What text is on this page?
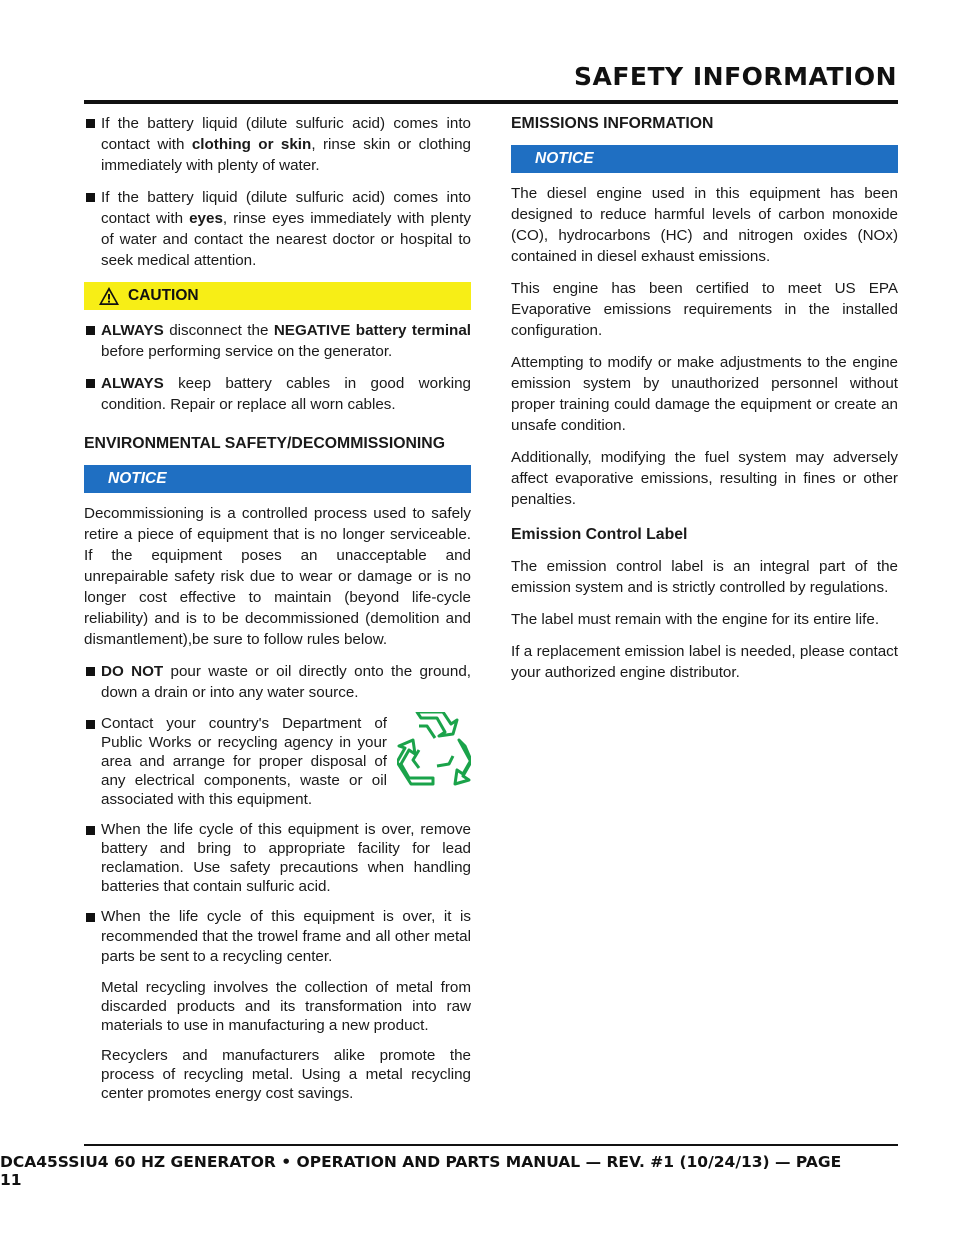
SAFETY INFORMATION
If the battery liquid (dilute sulfuric acid) comes into contact with clothing or skin, rinse skin or clothing immediately with plenty of water.
If the battery liquid (dilute sulfuric acid) comes into contact with eyes, rinse eyes immediately with plenty of water and contact the nearest doctor or hospital to seek medical attention.
CAUTION
ALWAYS disconnect the NEGATIVE battery terminal before performing service on the generator.
ALWAYS keep battery cables in good working condition. Repair or replace all worn cables.
ENVIRONMENTAL SAFETY/DECOMMISSIONING
NOTICE

Decommissioning is a controlled process used to safely retire a piece of equipment that is no longer serviceable. If the equipment poses an unacceptable and unrepairable safety risk due to wear or damage or is no longer cost effective to maintain (beyond life-cycle reliability) and is to be decommissioned (demolition and dismantlement),be sure to follow rules below.

DO NOT pour waste or oil directly onto the ground, down a drain or into any water source.
Contact your country's Department of Public Works or recycling agency in your area and arrange for proper disposal of any electrical components, waste or oil associated with this equipment.
When the life cycle of this equipment is over, remove battery and bring to appropriate facility for lead reclamation. Use safety precautions when handling batteries that contain sulfuric acid.
When the life cycle of this equipment is over, it is recommended that the trowel frame and all other metal parts be sent to a recycling center.

Metal recycling involves the collection of metal from discarded products and its transformation into raw materials to use in manufacturing a new product.

Recyclers and manufacturers alike promote the process of recycling metal. Using a metal recycling center promotes energy cost savings.

EMISSIONS INFORMATION
NOTICE

The diesel engine used in this equipment has been designed to reduce harmful levels of carbon monoxide (CO), hydrocarbons (HC) and nitrogen oxides (NOx) contained in diesel exhaust emissions.

This engine has been certified to meet US EPA Evaporative emissions requirements in the installed configuration.

Attempting to modify or make adjustments to the engine emission system by unauthorized personnel without proper training could damage the equipment or create an unsafe condition.

Additionally, modifying the fuel system may adversely affect evaporative emissions, resulting in fines or other penalties.

Emission Control Label

The emission control label is an integral part of the emission system and is strictly controlled by regulations.

The label must remain with the engine for its entire life.

If a replacement emission label is needed, please contact your authorized engine distributor.

DCA45SSIU4 60 HZ GENERATOR • OPERATION AND PARTS MANUAL — REV. #1 (10/24/13) — PAGE 11
